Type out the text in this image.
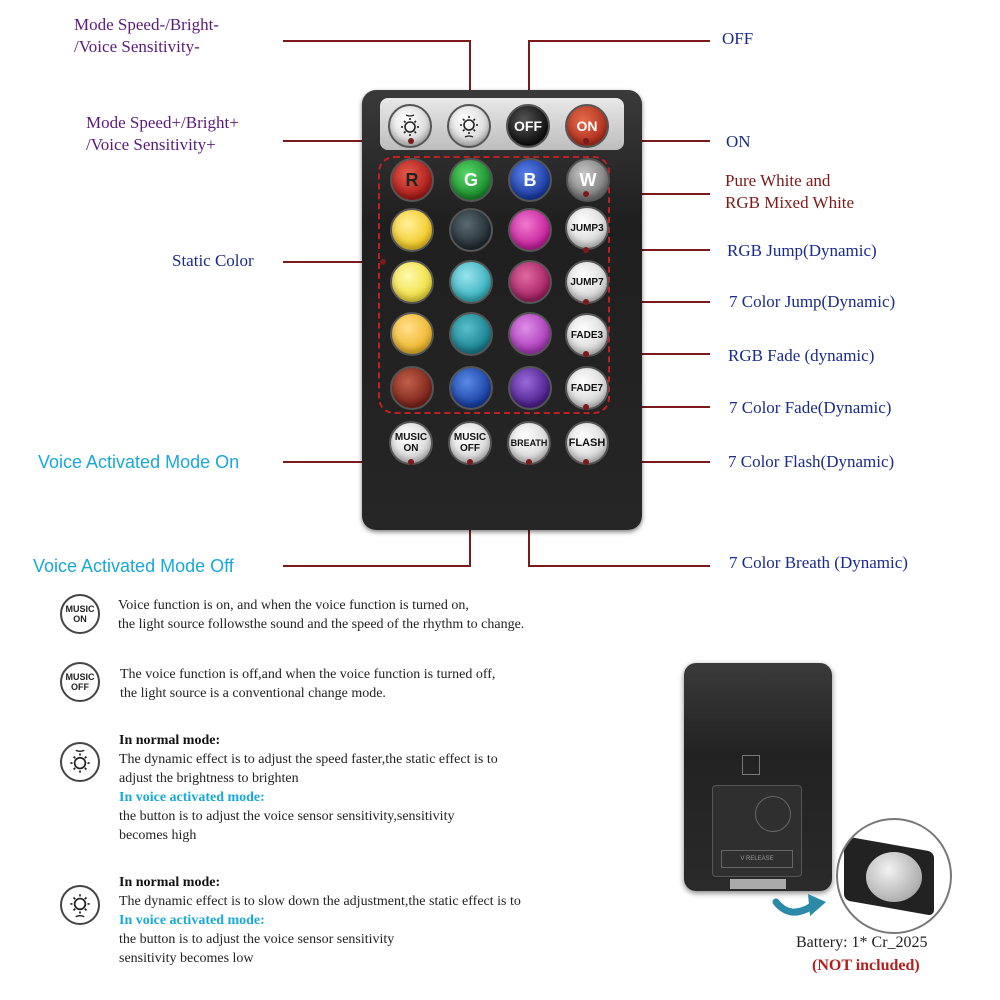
Mode Speed-/Bright-
/Voice Sensitivity-
Mode Speed+/Bright+
/Voice Sensitivity+
Static Color
Voice Activated Mode On
Voice Activated Mode Off
OFF
ON
Pure White and
RGB Mixed White
RGB Jump(Dynamic)
7 Color Jump(Dynamic)
RGB Fade (dynamic)
7 Color Fade(Dynamic)
7 Color Flash(Dynamic)
7 Color Breath (Dynamic)
OFF	ON
R	G	B	W
JUMP3
JUMP7
FADE3
FADE7
MUSIC
ON
MUSIC
OFF
BREATH	FLASH
MUSIC
ON
Voice function is on, and when the voice function is turned on,
the light source followsthe sound and the speed of the rhythm to change.
MUSIC
OFF
The voice function is off,and when the voice function is turned off,
the light source is a conventional change mode.
In normal mode:
The dynamic effect is to adjust the speed faster,the static effect is to
adjust the brightness to brighten
In voice activated mode:
the button is to adjust the voice sensor sensitivity,sensitivity
becomes high
In normal mode:
The dynamic effect is to slow down the adjustment,the static effect is to
In voice activated mode:
the button is to adjust the voice sensor sensitivity
sensitivity becomes low
V RELEASE
Battery: 1* Cr_2025
(NOT included)
